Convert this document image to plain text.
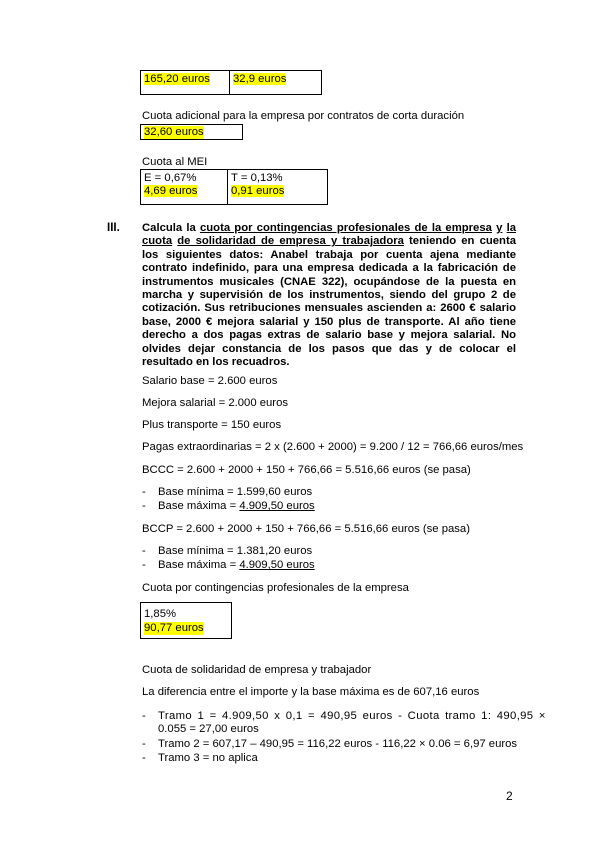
165,20 euros	32,9 euros
Cuota adicional para la empresa por contratos de corta duración
32,60 euros
Cuota al MEI
E = 0,67%
4,69 euros
T = 0,13%
0,91 euros
III. Calcula la cuota por contingencias profesionales de la empresa y la cuota de solidaridad de empresa y trabajadora teniendo en cuenta los siguientes datos: Anabel trabaja por cuenta ajena mediante contrato indefinido, para una empresa dedicada a la fabricación de instrumentos musicales (CNAE 322), ocupándose de la puesta en marcha y supervisión de los instrumentos, siendo del grupo 2 de cotización. Sus retribuciones mensuales ascienden a: 2600 € salario base, 2000 € mejora salarial y 150 plus de transporte. Al año tiene derecho a dos pagas extras de salario base y mejora salarial. No olvides dejar constancia de los pasos que das y de colocar el resultado en los recuadros.
Salario base = 2.600 euros
Mejora salarial = 2.000 euros
Plus transporte = 150 euros
Pagas extraordinarias = 2 x (2.600 + 2000) = 9.200 / 12 = 766,66 euros/mes
BCCC = 2.600 + 2000 + 150 + 766,66 = 5.516,66 euros (se pasa)
- Base mínima = 1.599,60 euros
- Base máxima = 4.909,50 euros
BCCP = 2.600 + 2000 + 150 + 766,66 = 5.516,66 euros (se pasa)
- Base mínima = 1.381,20 euros
- Base máxima = 4.909,50 euros
Cuota por contingencias profesionales de la empresa
1,85%
90,77 euros
Cuota de solidaridad de empresa y trabajador
La diferencia entre el importe y la base máxima es de 607,16 euros
- Tramo 1 = 4.909,50 x 0,1 = 490,95 euros - Cuota tramo 1: 490,95 ×
0.055 = 27,00 euros
- Tramo 2 = 607,17 – 490,95 = 116,22 euros - 116,22 × 0.06 = 6,97 euros
- Tramo 3 = no aplica
2
